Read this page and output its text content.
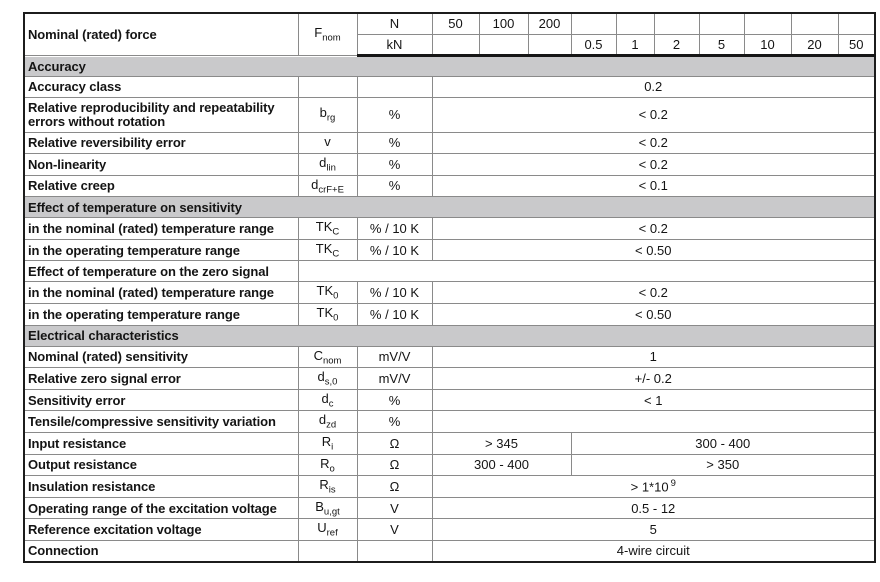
Nominal (rated) force	$F_{nom}$	N	50	100	200							
		kN				0.5	1	2	5	10	20	50
Accuracy												
Accuracy class			0.2									
Relative reproducibility and repeatability errors without rotation	$b_{rg}$	%	< 0.2									
Relative reversibility error	v	%	< 0.2									
Non-linearity	$d_{lin}$	%	< 0.2									
Relative creep	$d_{crF+E}$	%	< 0.1									
Effect of temperature on sensitivity												
in the nominal (rated) temperature range	$TK_C$	% / 10 K	< 0.2									
in the operating temperature range	$TK_C$	% / 10 K	< 0.50									
Effect of temperature on the zero signal												
in the nominal (rated) temperature range	$TK_0$	% / 10 K	< 0.2									
in the operating temperature range	$TK_0$	% / 10 K	< 0.50									
Electrical characteristics												
Nominal (rated) sensitivity	$C_{nom}$	mV/V	1									
Relative zero signal error	$d_{s,0}$	mV/V	+/- 0.2									
Sensitivity error	$d_c$	%	< 1									
Tensile/compressive sensitivity variation	$d_{zd}$	%										
Input resistance	$R_i$	Ω	> 345			300 - 400						
Output resistance	$R_o$	Ω	300 - 400			> 350						
Insulation resistance	$R_{is}$	Ω	> 1*10 $^9$
Operating range of the excitation voltage	$B_{u,gt}$	V	0.5 - 12									
Reference excitation voltage	$U_{ref}$	V	5									
Connection			4-wire circuit									
